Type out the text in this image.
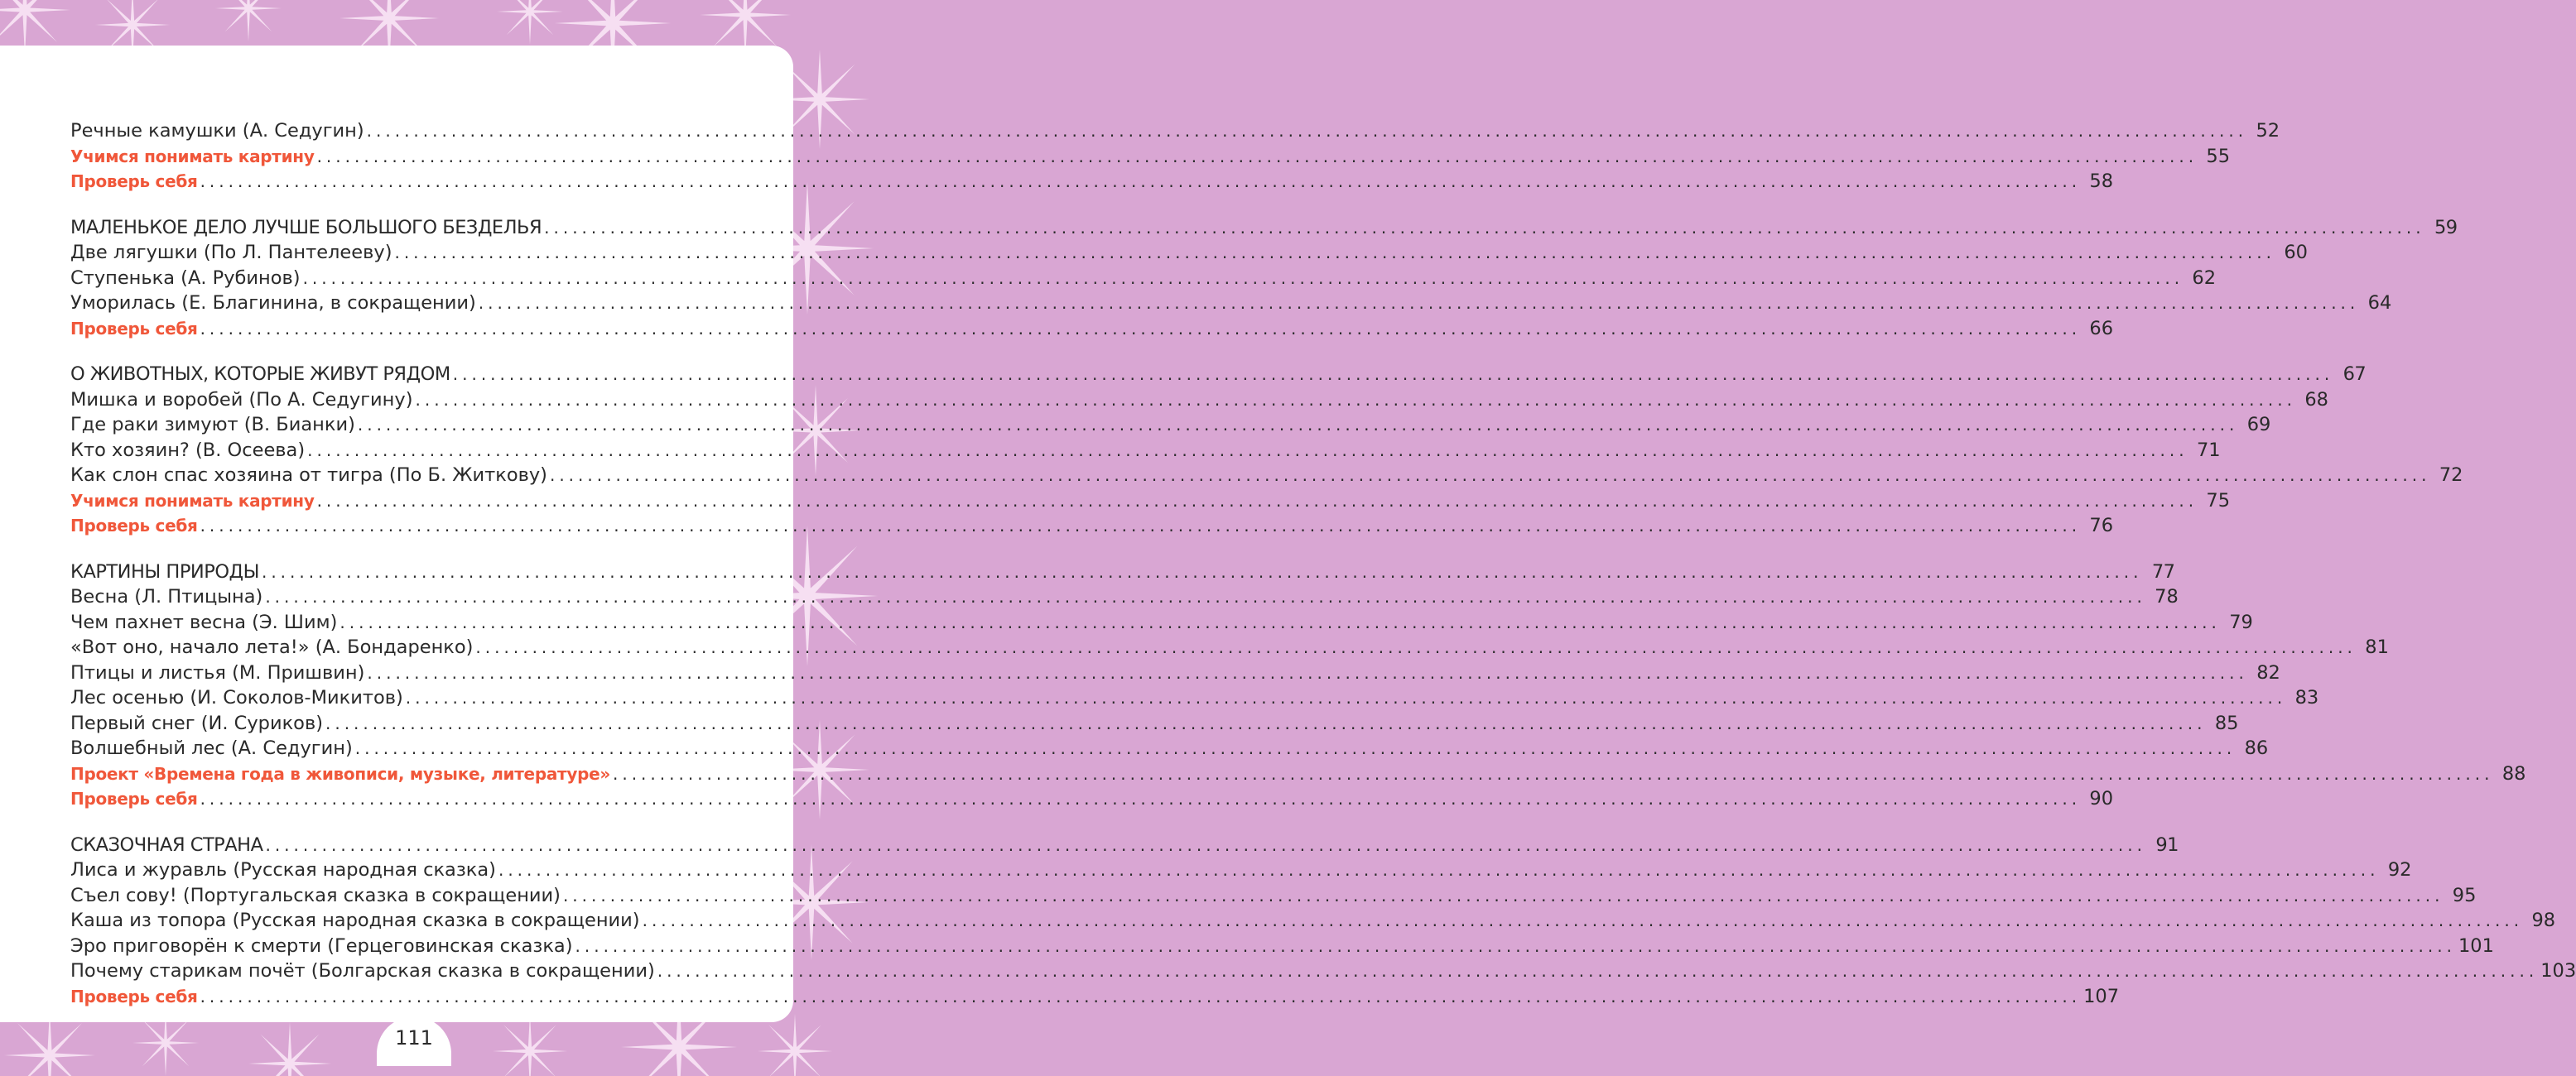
Речные камушки (А. Седугин) ........................................................................................................................................................................................................ 52
Учимся понимать картину ........................................................................................................................................................................................................ 55
Проверь себя ........................................................................................................................................................................................................ 58
МАЛЕНЬКОЕ ДЕЛО ЛУЧШЕ БОЛЬШОГО БЕЗДЕЛЬЯ ........................................................................................................................................................................................................ 59
Две лягушки (По Л. Пантелееву) ........................................................................................................................................................................................................ 60
Ступенька (А. Рубинов) ........................................................................................................................................................................................................ 62
Уморилась (Е. Благинина, в сокращении) ........................................................................................................................................................................................................ 64
Проверь себя ........................................................................................................................................................................................................ 66
О ЖИВОТНЫХ, КОТОРЫЕ ЖИВУТ РЯДОМ ........................................................................................................................................................................................................ 67
Мишка и воробей (По А. Седугину) ........................................................................................................................................................................................................ 68
Где раки зимуют (В. Бианки) ........................................................................................................................................................................................................ 69
Кто хозяин? (В. Осеева) ........................................................................................................................................................................................................ 71
Как слон спас хозяина от тигра (По Б. Житкову) ........................................................................................................................................................................................................ 72
Учимся понимать картину ........................................................................................................................................................................................................ 75
Проверь себя ........................................................................................................................................................................................................ 76
КАРТИНЫ ПРИРОДЫ ........................................................................................................................................................................................................ 77
Весна (Л. Птицына) ........................................................................................................................................................................................................ 78
Чем пахнет весна (Э. Шим) ........................................................................................................................................................................................................ 79
«Вот оно, начало лета!» (А. Бондаренко) ........................................................................................................................................................................................................ 81
Птицы и листья (М. Пришвин) ........................................................................................................................................................................................................ 82
Лес осенью (И. Соколов-Микитов) ........................................................................................................................................................................................................ 83
Первый снег (И. Суриков) ........................................................................................................................................................................................................ 85
Волшебный лес (А. Седугин) ........................................................................................................................................................................................................ 86
Проект «Времена года в живописи, музыке, литературе» ........................................................................................................................................................................................................ 88
Проверь себя ........................................................................................................................................................................................................ 90
СКАЗОЧНАЯ СТРАНА ........................................................................................................................................................................................................ 91
Лиса и журавль (Русская народная сказка) ........................................................................................................................................................................................................ 92
Съел сову! (Португальская сказка в сокращении) ........................................................................................................................................................................................................ 95
Каша из топора (Русская народная сказка в сокращении) ........................................................................................................................................................................................................ 98
Эро приговорён к смерти (Герцеговинская сказка) ........................................................................................................................................................................................................ 101
Почему старикам почёт (Болгарская сказка в сокращении) ........................................................................................................................................................................................................ 103
Проверь себя ........................................................................................................................................................................................................ 107
111
